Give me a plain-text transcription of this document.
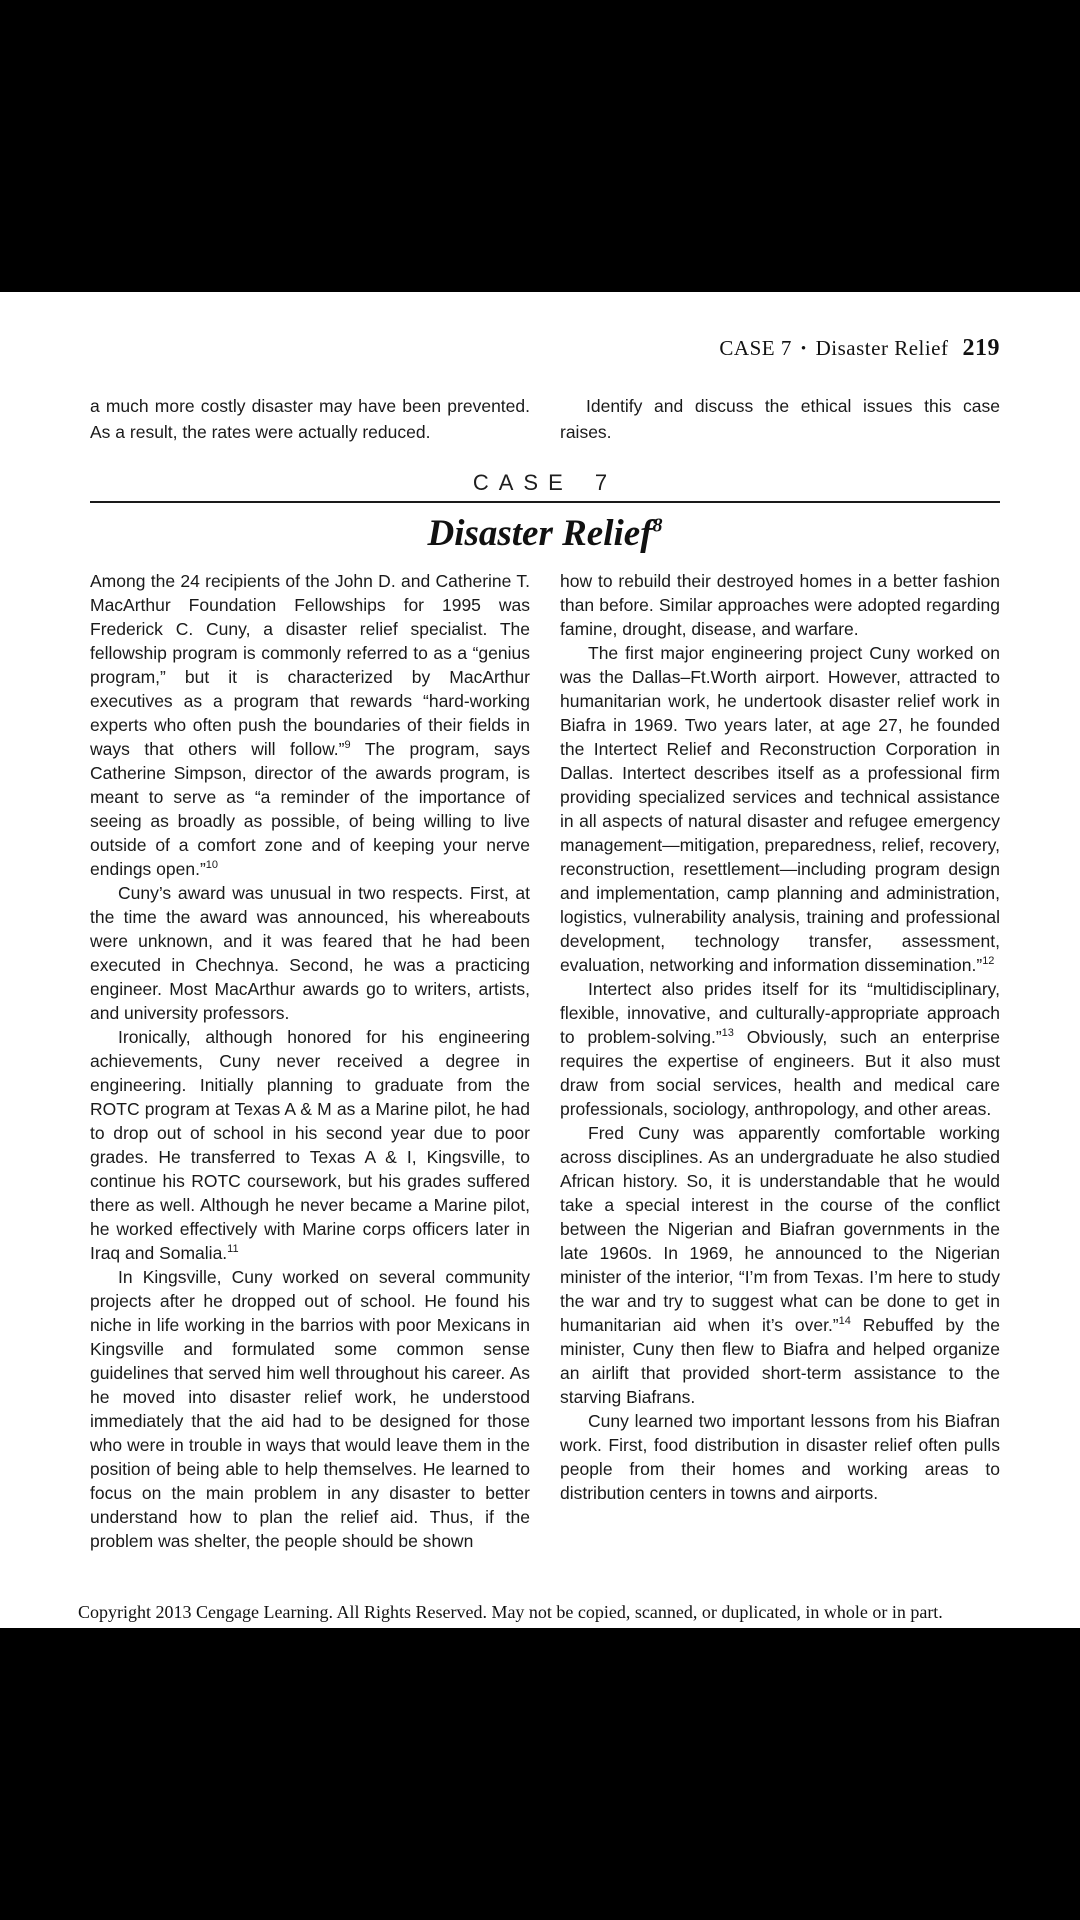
CASE 7 • Disaster Relief 219

a much more costly disaster may have been prevented. As a result, the rates were actually reduced.

Identify and discuss the ethical issues this case raises.

CASE 7
Disaster Relief$^8$

Among the 24 recipients of the John D. and Catherine T. MacArthur Foundation Fellowships for 1995 was Frederick C. Cuny, a disaster relief specialist. The fellowship program is commonly referred to as a “genius program,” but it is characterized by MacArthur executives as a program that rewards “hard-working experts who often push the boundaries of their fields in ways that others will follow.”$^9$ The program, says Catherine Simpson, director of the awards program, is meant to serve as “a reminder of the importance of seeing as broadly as possible, of being willing to live outside of a comfort zone and of keeping your nerve endings open.”$^{10}$

Cuny’s award was unusual in two respects. First, at the time the award was announced, his whereabouts were unknown, and it was feared that he had been executed in Chechnya. Second, he was a practicing engineer. Most MacArthur awards go to writers, artists, and university professors.

Ironically, although honored for his engineering achievements, Cuny never received a degree in engineering. Initially planning to graduate from the ROTC program at Texas A & M as a Marine pilot, he had to drop out of school in his second year due to poor grades. He transferred to Texas A & I, Kingsville, to continue his ROTC coursework, but his grades suffered there as well. Although he never became a Marine pilot, he worked effectively with Marine corps officers later in Iraq and Somalia.$^{11}$

In Kingsville, Cuny worked on several community projects after he dropped out of school. He found his niche in life working in the barrios with poor Mexicans in Kingsville and formulated some common sense guidelines that served him well throughout his career. As he moved into disaster relief work, he understood immediately that the aid had to be designed for those who were in trouble in ways that would leave them in the position of being able to help themselves. He learned to focus on the main problem in any disaster to better understand how to plan the relief aid. Thus, if the problem was shelter, the people should be shown

how to rebuild their destroyed homes in a better fashion than before. Similar approaches were adopted regarding famine, drought, disease, and warfare.

The first major engineering project Cuny worked on was the Dallas–Ft.Worth airport. However, attracted to humanitarian work, he undertook disaster relief work in Biafra in 1969. Two years later, at age 27, he founded the Intertect Relief and Reconstruction Corporation in Dallas. Intertect describes itself as a professional firm providing specialized services and technical assistance in all aspects of natural disaster and refugee emergency management—mitigation, preparedness, relief, recovery, reconstruction, resettlement—including program design and implementation, camp planning and administration, logistics, vulnerability analysis, training and professional development, technology transfer, assessment, evaluation, networking and information dissemination.”$^{12}$

Intertect also prides itself for its “multidisciplinary, flexible, innovative, and culturally-appropriate approach to problem-solving.”$^{13}$ Obviously, such an enterprise requires the expertise of engineers. But it also must draw from social services, health and medical care professionals, sociology, anthropology, and other areas.

Fred Cuny was apparently comfortable working across disciplines. As an undergraduate he also studied African history. So, it is understandable that he would take a special interest in the course of the conflict between the Nigerian and Biafran governments in the late 1960s. In 1969, he announced to the Nigerian minister of the interior, “I’m from Texas. I’m here to study the war and try to suggest what can be done to get in humanitarian aid when it’s over.”$^{14}$ Rebuffed by the minister, Cuny then flew to Biafra and helped organize an airlift that provided short-term assistance to the starving Biafrans.

Cuny learned two important lessons from his Biafran work. First, food distribution in disaster relief often pulls people from their homes and working areas to distribution centers in towns and airports.

Copyright 2013 Cengage Learning. All Rights Reserved. May not be copied, scanned, or duplicated, in whole or in part.
